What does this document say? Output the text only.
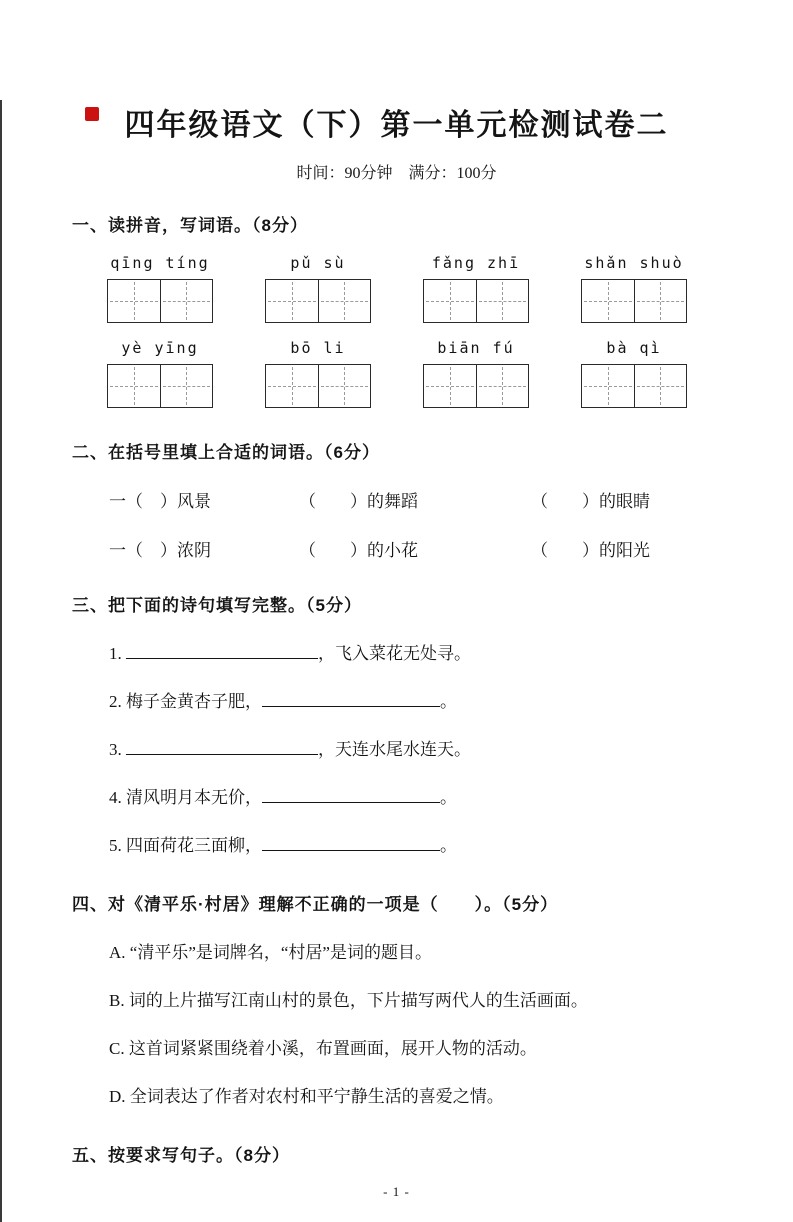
四年级语文（下）第一单元检测试卷二
时间：90分钟　满分：100分
一、读拼音，写词语。（8分）
qīng tíng	pǔ sù	fǎng zhī	shǎn shuò
yè yīng	bō li	biān fú	bà qì
二、在括号里填上合适的词语。（6分）
一（　）风景	（　　）的舞蹈	（　　）的眼睛
一（　）浓阴	（　　）的小花	（　　）的阳光
三、把下面的诗句填写完整。（5分）
1.	，飞入菜花无处寻。
2. 梅子金黄杏子肥，	。
3.	，天连水尾水连天。
4. 清风明月本无价，	。
5. 四面荷花三面柳，	。
四、对《清平乐·村居》理解不正确的一项是（　　）。（5分）
A. “清平乐”是词牌名，“村居”是词的题目。
B. 词的上片描写江南山村的景色，下片描写两代人的生活画面。
C. 这首词紧紧围绕着小溪，布置画面，展开人物的活动。
D. 全词表达了作者对农村和平宁静生活的喜爱之情。
五、按要求写句子。（8分）
- 1 -
